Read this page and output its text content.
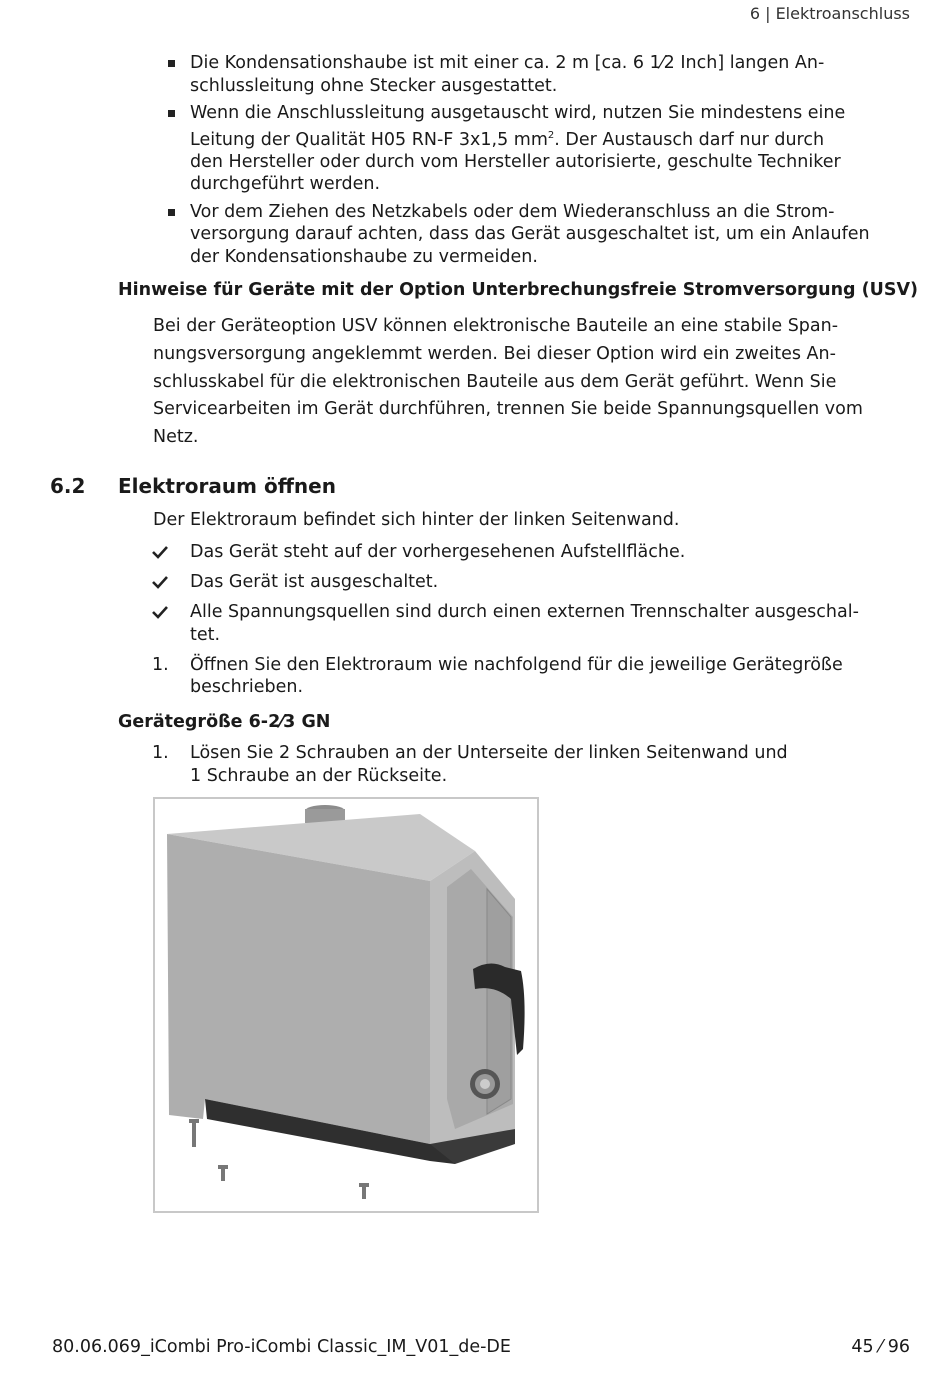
6 | Elektroanschluss
Die Kondensationshaube ist mit einer ca. 2 m [ca. 6 1⁄2 Inch] langen An-
schlussleitung ohne Stecker ausgestattet.
Wenn die Anschlussleitung ausgetauscht wird, nutzen Sie mindestens eine
Leitung der Qualität H05 RN-F 3x1,5 $mm^2$. Der Austausch darf nur durch
den Hersteller oder durch vom Hersteller autorisierte, geschulte Techniker
durchgeführt werden.
Vor dem Ziehen des Netzkabels oder dem Wiederanschluss an die Strom-
versorgung darauf achten, dass das Gerät ausgeschaltet ist, um ein Anlaufen
der Kondensationshaube zu vermeiden.
Hinweise für Geräte mit der Option Unterbrechungsfreie Stromversorgung (USV)
Bei der Geräteoption USV können elektronische Bauteile an eine stabile Span-
nungsversorgung angeklemmt werden. Bei dieser Option wird ein zweites An-
schlusskabel für die elektronischen Bauteile aus dem Gerät geführt. Wenn Sie
Servicearbeiten im Gerät durchführen, trennen Sie beide Spannungsquellen vom
Netz.
6.2 Elektroraum öffnen
Der Elektroraum befindet sich hinter der linken Seitenwand.
Das Gerät steht auf der vorhergesehenen Aufstellfläche.
Das Gerät ist ausgeschaltet.
Alle Spannungsquellen sind durch einen externen Trennschalter ausgeschal-
tet.
1.	Öffnen Sie den Elektroraum wie nachfolgend für die jeweilige Gerätegröße
beschrieben.
Gerätegröße 6-2⁄3 GN
1.	Lösen Sie 2 Schrauben an der Unterseite der linken Seitenwand und
1 Schraube an der Rückseite.
80.06.069_iCombi Pro-iCombi Classic_IM_V01_de-DE	45 ⁄ 96
